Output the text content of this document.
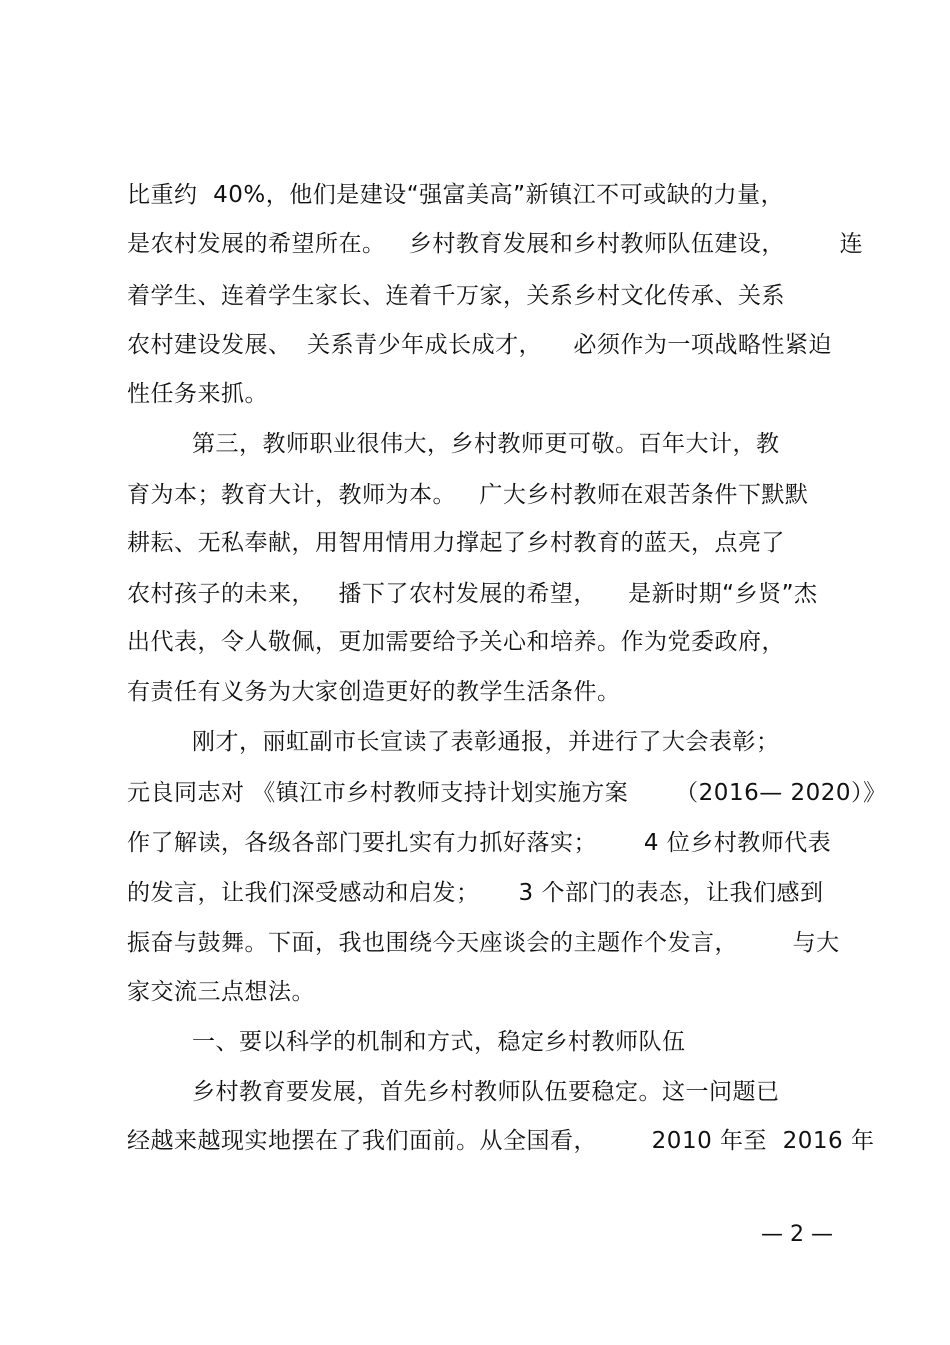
比重约  40%，他们是建设“强富美高”新镇江不可或缺的力量，
是农村发展的希望所在。   乡村教育发展和乡村教师队伍建设，       连
着学生、连着学生家长、连着千万家，关系乡村文化传承、关系
农村建设发展、  关系青少年成长成才，    必须作为一项战略性紧迫
性任务来抓。
第三，教师职业很伟大，乡村教师更可敬。百年大计，教
育为本；教育大计，教师为本。   广大乡村教师在艰苦条件下默默
耕耘、无私奉献，用智用情用力撑起了乡村教育的蓝天，点亮了
农村孩子的未来，   播下了农村发展的希望，    是新时期“乡贤”杰
出代表，令人敬佩，更加需要给予关心和培养。作为党委政府，
有责任有义务为大家创造更好的教学生活条件。
刚才，丽虹副市长宣读了表彰通报，并进行了大会表彰；
元良同志对 《镇江市乡村教师支持计划实施方案      （2016— 2020）》
作了解读，各级各部门要扎实有力抓好落实；      4 位乡村教师代表
的发言，让我们深受感动和启发；     3 个部门的表态，让我们感到
振奋与鼓舞。下面，我也围绕今天座谈会的主题作个发言，       与大
家交流三点想法。
一、要以科学的机制和方式，稳定乡村教师队伍
乡村教育要发展，首先乡村教师队伍要稳定。这一问题已
经越来越现实地摆在了我们面前。从全国看，       2010 年至  2016 年
— 2 —
